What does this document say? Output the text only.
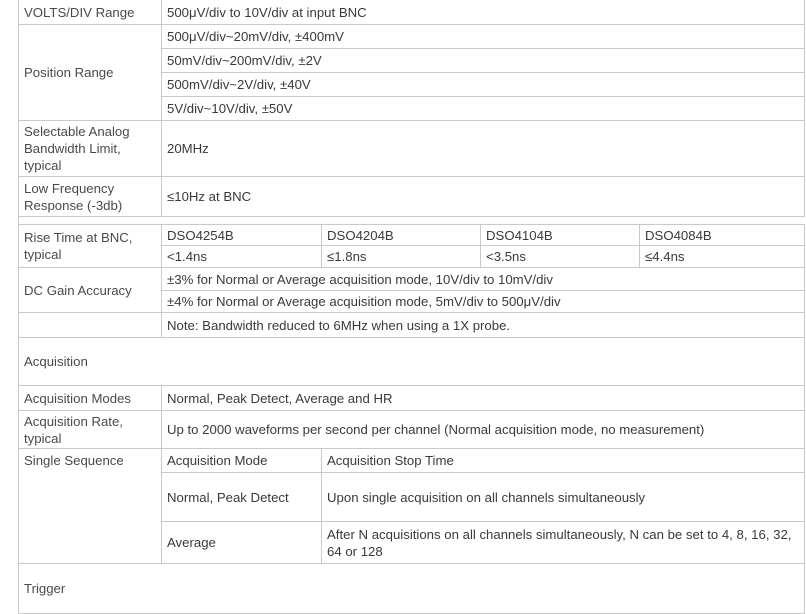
VOLTS/DIV Range	500μV/div to 10V/div at input BNC			
Position Range	500μV/div~20mV/div, ±400mV			
	50mV/div~200mV/div, ±2V			
	500mV/div~2V/div, ±40V			
	5V/div~10V/div, ±50V			
Selectable Analog Bandwidth Limit, typical	20MHz			
Low Frequency Response (-3db)	≤10Hz at BNC			

Rise Time at BNC, typical	DSO4254B	DSO4204B	DSO4104B	DSO4084B
	<1.4ns	≤1.8ns	<3.5ns	≤4.4ns
DC Gain Accuracy	±3% for Normal or Average acquisition mode, 10V/div to 10mV/div			
	±4% for Normal or Average acquisition mode, 5mV/div to 500μV/div			
	Note: Bandwidth reduced to 6MHz when using a 1X probe.			
Acquisition				
Acquisition Modes	Normal, Peak Detect, Average and HR			
Acquisition Rate, typical	Up to 2000 waveforms per second per channel (Normal acquisition mode, no measurement)			
Single Sequence	Acquisition Mode	Acquisition Stop Time		
	Normal, Peak Detect	Upon single acquisition on all channels simultaneously		
	Average	After N acquisitions on all channels simultaneously, N can be set to 4, 8, 16, 32, 64 or 128		
Trigger				
